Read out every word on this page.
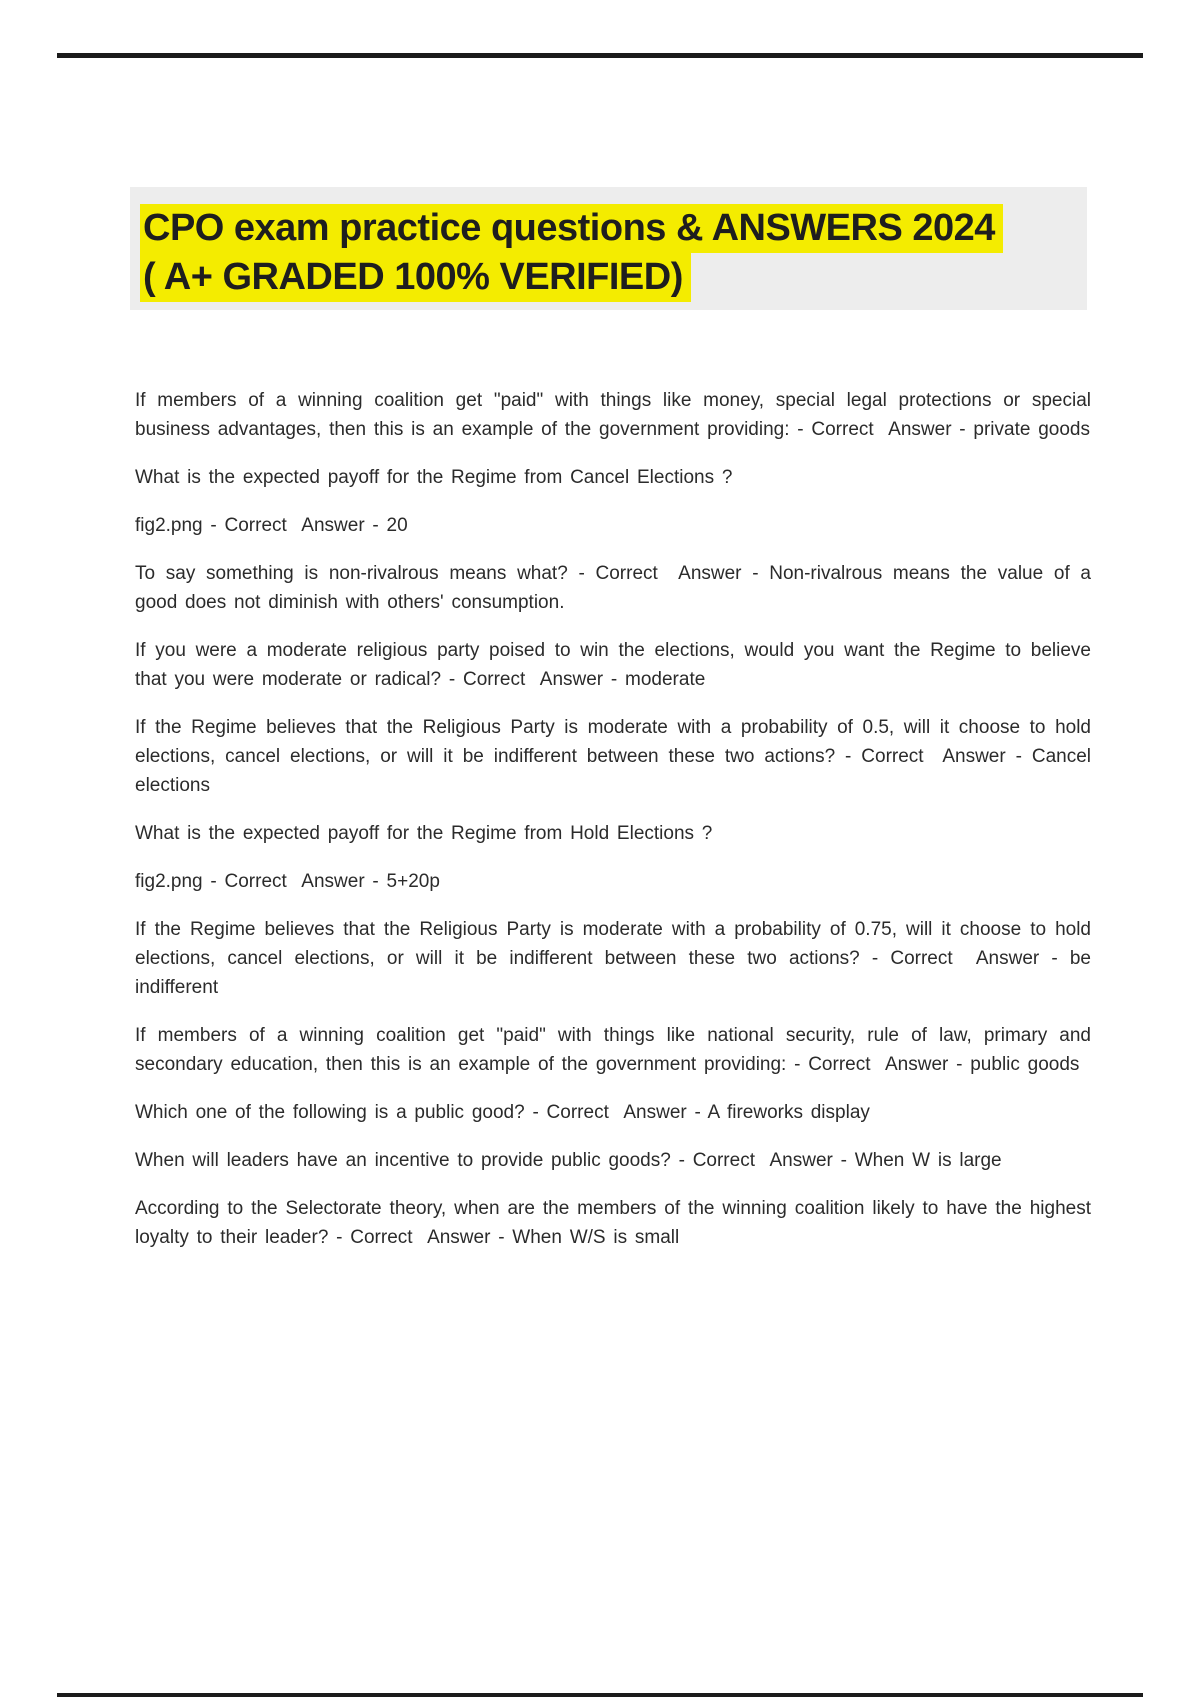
CPO exam practice questions & ANSWERS 2024
( A+ GRADED 100% VERIFIED)

If members of a winning coalition get "paid" with things like money, special legal protections or special business advantages, then this is an example of the government providing: - Correct  Answer - private goods

What is the expected payoff for the Regime from Cancel Elections ?

fig2.png - Correct  Answer - 20

To say something is non-rivalrous means what? - Correct  Answer - Non-rivalrous means the value of a good does not diminish with others' consumption.

If you were a moderate religious party poised to win the elections, would you want the Regime to believe that you were moderate or radical? - Correct  Answer - moderate

If the Regime believes that the Religious Party is moderate with a probability of 0.5, will it choose to hold elections, cancel elections, or will it be indifferent between these two actions? - Correct  Answer - Cancel elections

What is the expected payoff for the Regime from Hold Elections ?

fig2.png - Correct  Answer - 5+20p

If the Regime believes that the Religious Party is moderate with a probability of 0.75, will it choose to hold elections, cancel elections, or will it be indifferent between these two actions? - Correct  Answer - be indifferent

If members of a winning coalition get "paid" with things like national security, rule of law, primary and secondary education, then this is an example of the government providing: - Correct  Answer - public goods

Which one of the following is a public good? - Correct  Answer - A fireworks display

When will leaders have an incentive to provide public goods? - Correct  Answer - When W is large

According to the Selectorate theory, when are the members of the winning coalition likely to have the highest loyalty to their leader? - Correct  Answer - When W/S is small
